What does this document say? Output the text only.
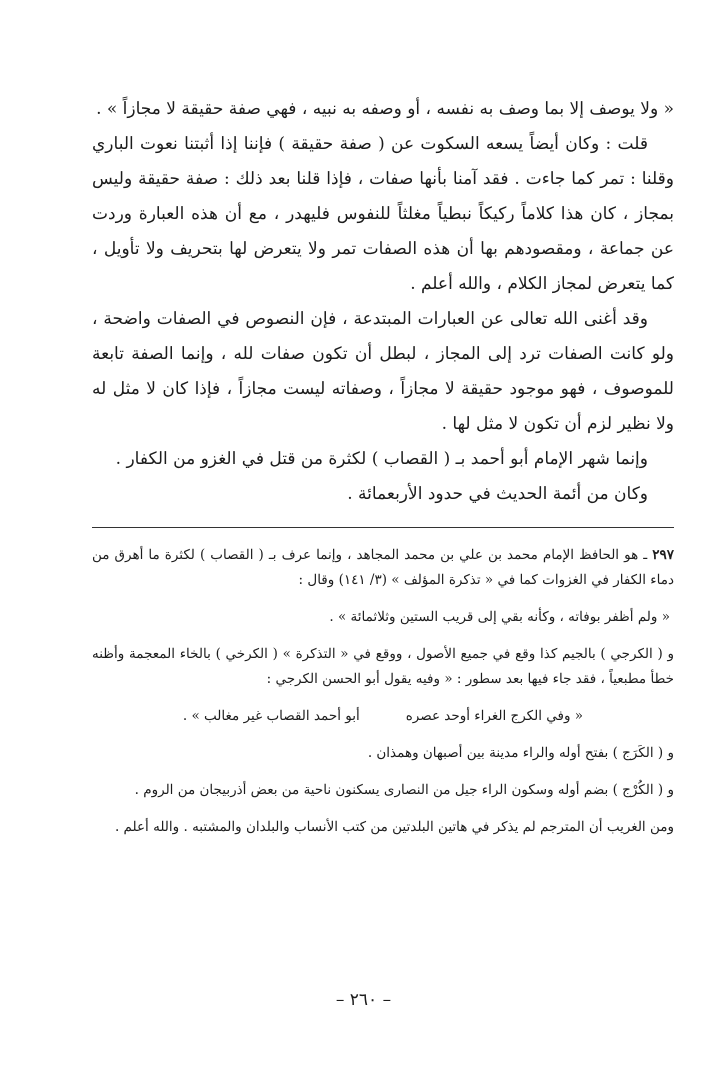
« ولا يوصف إلا بما وصف به نفسه ، أو وصفه به نبيه ، فهي صفة حقيقة لا مجازاً » .

قلت : وكان أيضاً يسعه السكوت عن ( صفة حقيقة ) فإننا إذا أثبتنا نعوت الباري وقلنا : تمر كما جاءت . فقد آمنا بأنها صفات ، فإذا قلنا بعد ذلك : صفة حقيقة وليس بمجاز ، كان هذا كلاماً ركيكاً نبطياً مغلثاً للنفوس فليهدر ، مع أن هذه العبارة وردت عن جماعة ، ومقصودهم بها أن هذه الصفات تمر ولا يتعرض لها بتحريف ولا تأويل ، كما يتعرض لمجاز الكلام ، والله أعلم .

وقد أغنى الله تعالى عن العبارات المبتدعة ، فإن النصوص في الصفات واضحة ، ولو كانت الصفات ترد إلى المجاز ، لبطل أن تكون صفات لله ، وإنما الصفة تابعة للموصوف ، فهو موجود حقيقة لا مجازاً ، وصفاته ليست مجازاً ، فإذا كان لا مثل له ولا نظير لزم أن تكون لا مثل لها .

وإنما شهر الإمام أبو أحمد بـ ( القصاب ) لكثرة من قتل في الغزو من الكفار .

وكان من أئمة الحديث في حدود الأربعمائة .

٢٩٧ ـ هو الحافظ الإمام محمد بن علي بن محمد المجاهد ، وإنما عرف بـ ( القصاب ) لكثرة ما أهرق من دماء الكفار في الغزوات كما في « تذكرة المؤلف » (٣/ ١٤١) وقال :

« ولم أظفر بوفاته ، وكأنه بقي إلى قريب الستين وثلاثمائة » .

و ( الكرجي ) بالجيم كذا وقع في جميع الأصول ، ووقع في « التذكرة » ( الكرخي ) بالخاء المعجمة وأظنه خطأ مطبعياً ، فقد جاء فيها بعد سطور : « وفيه يقول أبو الحسن الكرجي :

« وفي الكرج الغراء أوحد عصره
أبو أحمد القصاب غير مغالب » .

و ( الكَرَج ) بفتح أوله والراء مدينة بين أصبهان وهمذان .

و ( الكُرْج ) بضم أوله وسكون الراء جيل من النصارى يسكنون ناحية من بعض أذربيجان من الروم .

ومن الغريب أن المترجم لم يذكر في هاتين البلدتين من كتب الأنساب والبلدان والمشتبه . والله أعلم .

– ٢٦٠ –
